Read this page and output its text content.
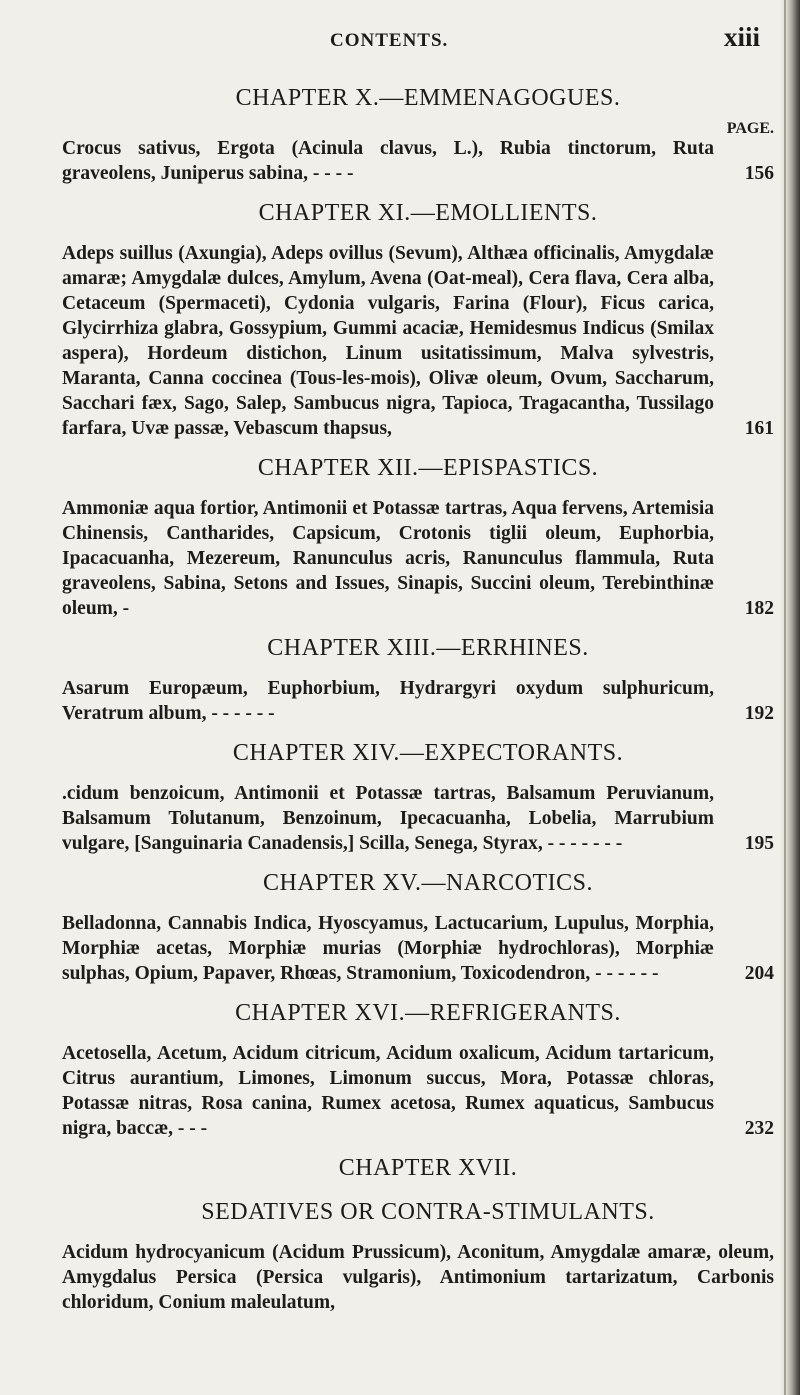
CONTENTS.	xiii
CHAPTER X.—EMMENAGOGUES.
PAGE.
Crocus sativus, Ergota (Acinula clavus, L.), Rubia tinctorum, Ruta graveolens, Juniperus sabina, - - - -	156
CHAPTER XI.—EMOLLIENTS.
Adeps suillus (Axungia), Adeps ovillus (Sevum), Althæa officinalis, Amygdalæ amaræ; Amygdalæ dulces, Amylum, Avena (Oat-meal), Cera flava, Cera alba, Cetaceum (Spermaceti), Cydonia vulgaris, Farina (Flour), Ficus carica, Glycirrhiza glabra, Gossypium, Gummi acaciæ, Hemidesmus Indicus (Smilax aspera), Hordeum distichon, Linum usitatissimum, Malva sylvestris, Maranta, Canna coccinea (Tous-les-mois), Olivæ oleum, Ovum, Saccharum, Sacchari fæx, Sago, Salep, Sambucus nigra, Tapioca, Tragacantha, Tussilago farfara, Uvæ passæ, Vebascum thapsus,	161
CHAPTER XII.—EPISPASTICS.
Ammoniæ aqua fortior, Antimonii et Potassæ tartras, Aqua fervens, Artemisia Chinensis, Cantharides, Capsicum, Crotonis tiglii oleum, Euphorbia, Ipacacuanha, Mezereum, Ranunculus acris, Ranunculus flammula, Ruta graveolens, Sabina, Setons and Issues, Sinapis, Succini oleum, Terebinthinæ oleum, -	182
CHAPTER XIII.—ERRHINES.
Asarum Europæum, Euphorbium, Hydrargyri oxydum sulphuricum, Veratrum album, - - - - - -	192
CHAPTER XIV.—EXPECTORANTS.
.cidum benzoicum, Antimonii et Potassæ tartras, Balsamum Peruvianum, Balsamum Tolutanum, Benzoinum, Ipecacuanha, Lobelia, Marrubium vulgare, [Sanguinaria Canadensis,] Scilla, Senega, Styrax, - - - - - - -	195
CHAPTER XV.—NARCOTICS.
Belladonna, Cannabis Indica, Hyoscyamus, Lactucarium, Lupulus, Morphia, Morphiæ acetas, Morphiæ murias (Morphiæ hydrochloras), Morphiæ sulphas, Opium, Papaver, Rhœas, Stramonium, Toxicodendron, - - - - - -	204
CHAPTER XVI.—REFRIGERANTS.
Acetosella, Acetum, Acidum citricum, Acidum oxalicum, Acidum tartaricum, Citrus aurantium, Limones, Limonum succus, Mora, Potassæ chloras, Potassæ nitras, Rosa canina, Rumex acetosa, Rumex aquaticus, Sambucus nigra, baccæ, - - -	232
CHAPTER XVII.
SEDATIVES OR CONTRA-STIMULANTS.
Acidum hydrocyanicum (Acidum Prussicum), Aconitum, Amygdalæ amaræ, oleum, Amygdalus Persica (Persica vulgaris), Antimonium tartarizatum, Carbonis chloridum, Conium maleulatum,
